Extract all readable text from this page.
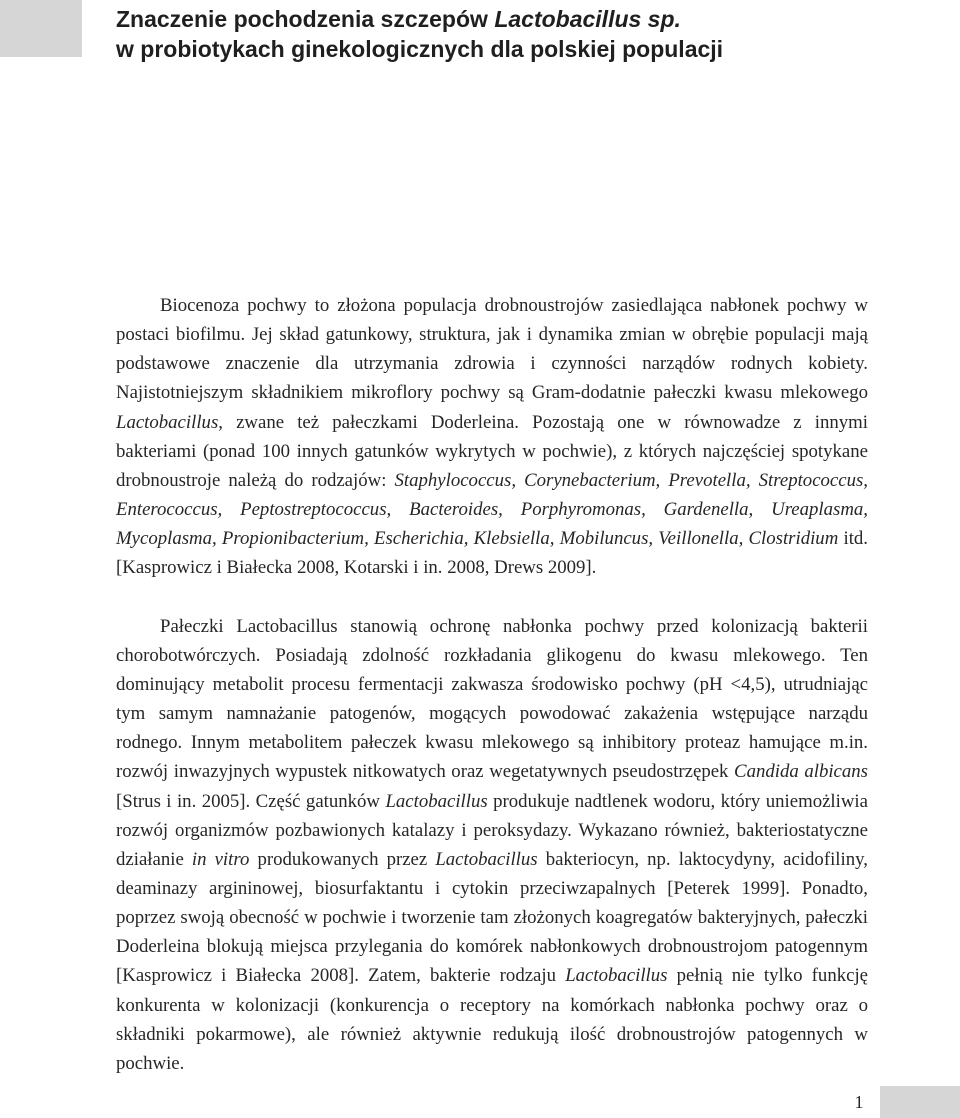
Znaczenie pochodzenia szczepów Lactobacillus sp.
w probiotykach ginekologicznych dla polskiej populacji

Biocenoza pochwy to złożona populacja drobnoustrojów zasiedlająca nabłonek pochwy w postaci biofilmu. Jej skład gatunkowy, struktura, jak i dynamika zmian w obrębie populacji mają podstawowe znaczenie dla utrzymania zdrowia i czynności narządów rodnych kobiety. Najistotniejszym składnikiem mikroflory pochwy są Gram-dodatnie pałeczki kwasu mlekowego Lactobacillus, zwane też pałeczkami Doderleina. Pozostają one w równowadze z innymi bakteriami (ponad 100 innych gatunków wykrytych w pochwie), z których najczęściej spotykane drobnoustroje należą do rodzajów: Staphylococcus, Corynebacterium, Prevotella, Streptococcus, Enterococcus, Peptostreptococcus, Bacteroides, Porphyromonas, Gardenella, Ureaplasma, Mycoplasma, Propionibacterium, Escherichia, Klebsiella, Mobiluncus, Veillonella, Clostridium itd. [Kasprowicz i Białecka 2008, Kotarski i in. 2008, Drews 2009].

Pałeczki Lactobacillus stanowią ochronę nabłonka pochwy przed kolonizacją bakterii chorobotwórczych. Posiadają zdolność rozkładania glikogenu do kwasu mlekowego. Ten dominujący metabolit procesu fermentacji zakwasza środowisko pochwy (pH <4,5), utrudniając tym samym namnażanie patogenów, mogących powodować zakażenia wstępujące narządu rodnego. Innym metabolitem pałeczek kwasu mlekowego są inhibitory proteaz hamujące m.in. rozwój inwazyjnych wypustek nitkowatych oraz wegetatywnych pseudostrzępek Candida albicans [Strus i in. 2005]. Część gatunków Lactobacillus produkuje nadtlenek wodoru, który uniemożliwia rozwój organizmów pozbawionych katalazy i peroksydazy. Wykazano również, bakteriostatyczne działanie in vitro produkowanych przez Lactobacillus bakteriocyn, np. laktocydyny, acidofiliny, deaminazy argininowej, biosurfaktantu i cytokin przeciwzapalnych [Peterek 1999]. Ponadto, poprzez swoją obecność w pochwie i tworzenie tam złożonych koagregatów bakteryjnych, pałeczki Doderleina blokują miejsca przylegania do komórek nabłonkowych drobnoustrojom patogennym [Kasprowicz i Białecka 2008]. Zatem, bakterie rodzaju Lactobacillus pełnią nie tylko funkcję konkurenta w kolonizacji (konkurencja o receptory na komórkach nabłonka pochwy oraz o składniki pokarmowe), ale również aktywnie redukują ilość drobnoustrojów patogennych w pochwie.

1
